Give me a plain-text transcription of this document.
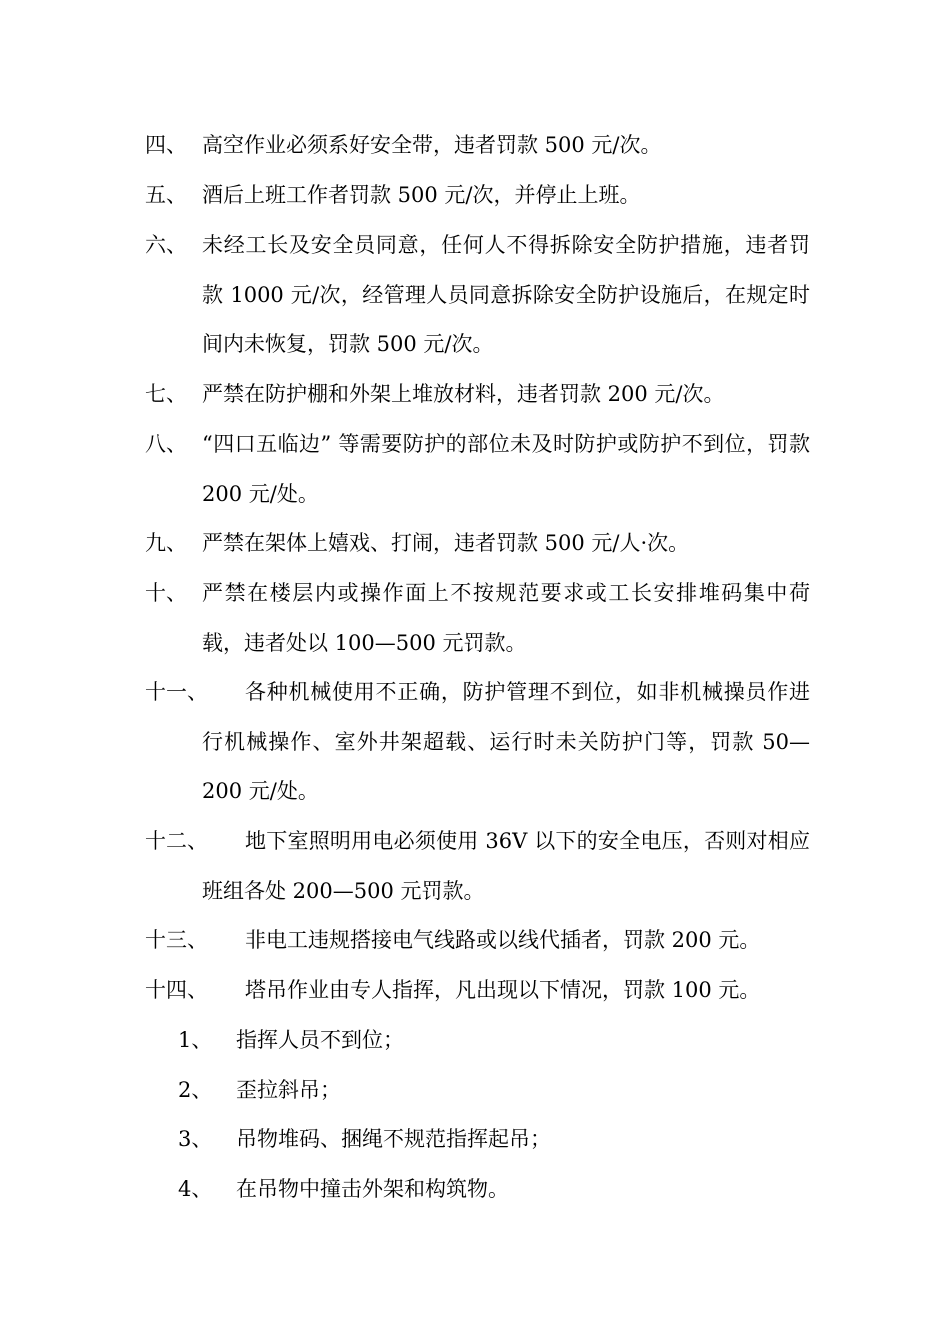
四、 高空作业必须系好安全带，违者罚款 500 元/次。
五、 酒后上班工作者罚款 500 元/次，并停止上班。
六、 未经工长及安全员同意，任何人不得拆除安全防护措施，违者罚款 1000 元/次，经管理人员同意拆除安全防护设施后，在规定时间内未恢复，罚款 500 元/次。
七、 严禁在防护棚和外架上堆放材料，违者罚款 200 元/次。
八、 “四口五临边” 等需要防护的部位未及时防护或防护不到位，罚款 200 元/处。
九、 严禁在架体上嬉戏、打闹，违者罚款 500 元/人·次。
十、 严禁在楼层内或操作面上不按规范要求或工长安排堆码集中荷载，违者处以 100—500 元罚款。
十一、	各种机械使用不正确，防护管理不到位，如非机械操员作进行机械操作、室外井架超载、运行时未关防护门等，罚款 50—200 元/处。
十二、	地下室照明用电必须使用 36V 以下的安全电压，否则对相应班组各处 200—500 元罚款。
十三、	非电工违规搭接电气线路或以线代插者，罚款 200 元。
十四、	塔吊作业由专人指挥，凡出现以下情况，罚款 100 元。
1、	指挥人员不到位；
2、	歪拉斜吊；
3、	吊物堆码、捆绳不规范指挥起吊；
4、	在吊物中撞击外架和构筑物。
